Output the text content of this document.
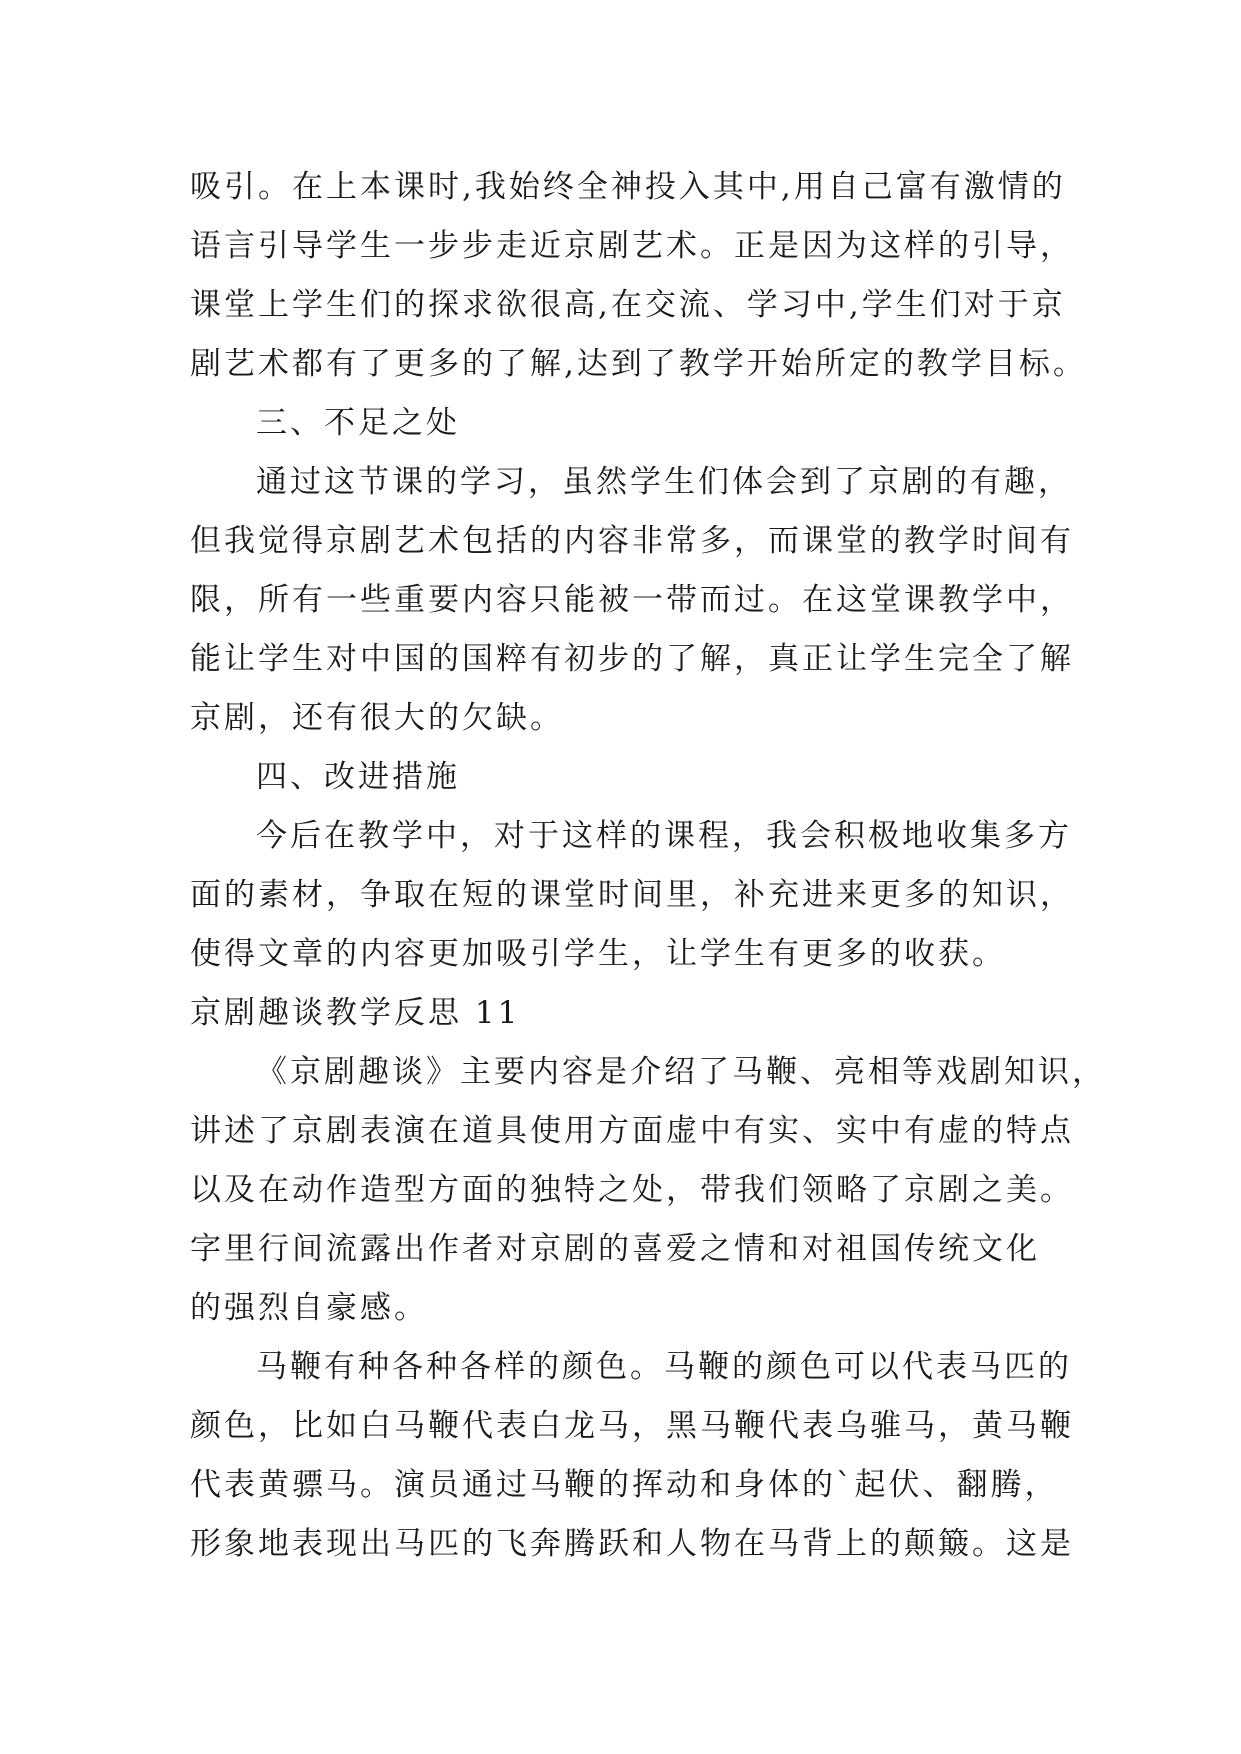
吸引。在上本课时,我始终全神投入其中,用自己富有激情的
语言引导学生一步步走近京剧艺术。正是因为这样的引导，
课堂上学生们的探求欲很高,在交流、学习中,学生们对于京
剧艺术都有了更多的了解,达到了教学开始所定的教学目标。
三、不足之处
通过这节课的学习，虽然学生们体会到了京剧的有趣，
但我觉得京剧艺术包括的内容非常多，而课堂的教学时间有
限，所有一些重要内容只能被一带而过。在这堂课教学中，
能让学生对中国的国粹有初步的了解，真正让学生完全了解
京剧，还有很大的欠缺。
四、改进措施
今后在教学中，对于这样的课程，我会积极地收集多方
面的素材，争取在短的课堂时间里，补充进来更多的知识，
使得文章的内容更加吸引学生，让学生有更多的收获。
京剧趣谈教学反思 11
《京剧趣谈》主要内容是介绍了马鞭、亮相等戏剧知识，
讲述了京剧表演在道具使用方面虚中有实、实中有虚的特点
以及在动作造型方面的独特之处，带我们领略了京剧之美。
字里行间流露出作者对京剧的喜爱之情和对祖国传统文化
的强烈自豪感。
马鞭有种各种各样的颜色。马鞭的颜色可以代表马匹的
颜色，比如白马鞭代表白龙马，黑马鞭代表乌骓马，黄马鞭
代表黄骠马。演员通过马鞭的挥动和身体的`起伏、翻腾，
形象地表现出马匹的飞奔腾跃和人物在马背上的颠簸。这是
